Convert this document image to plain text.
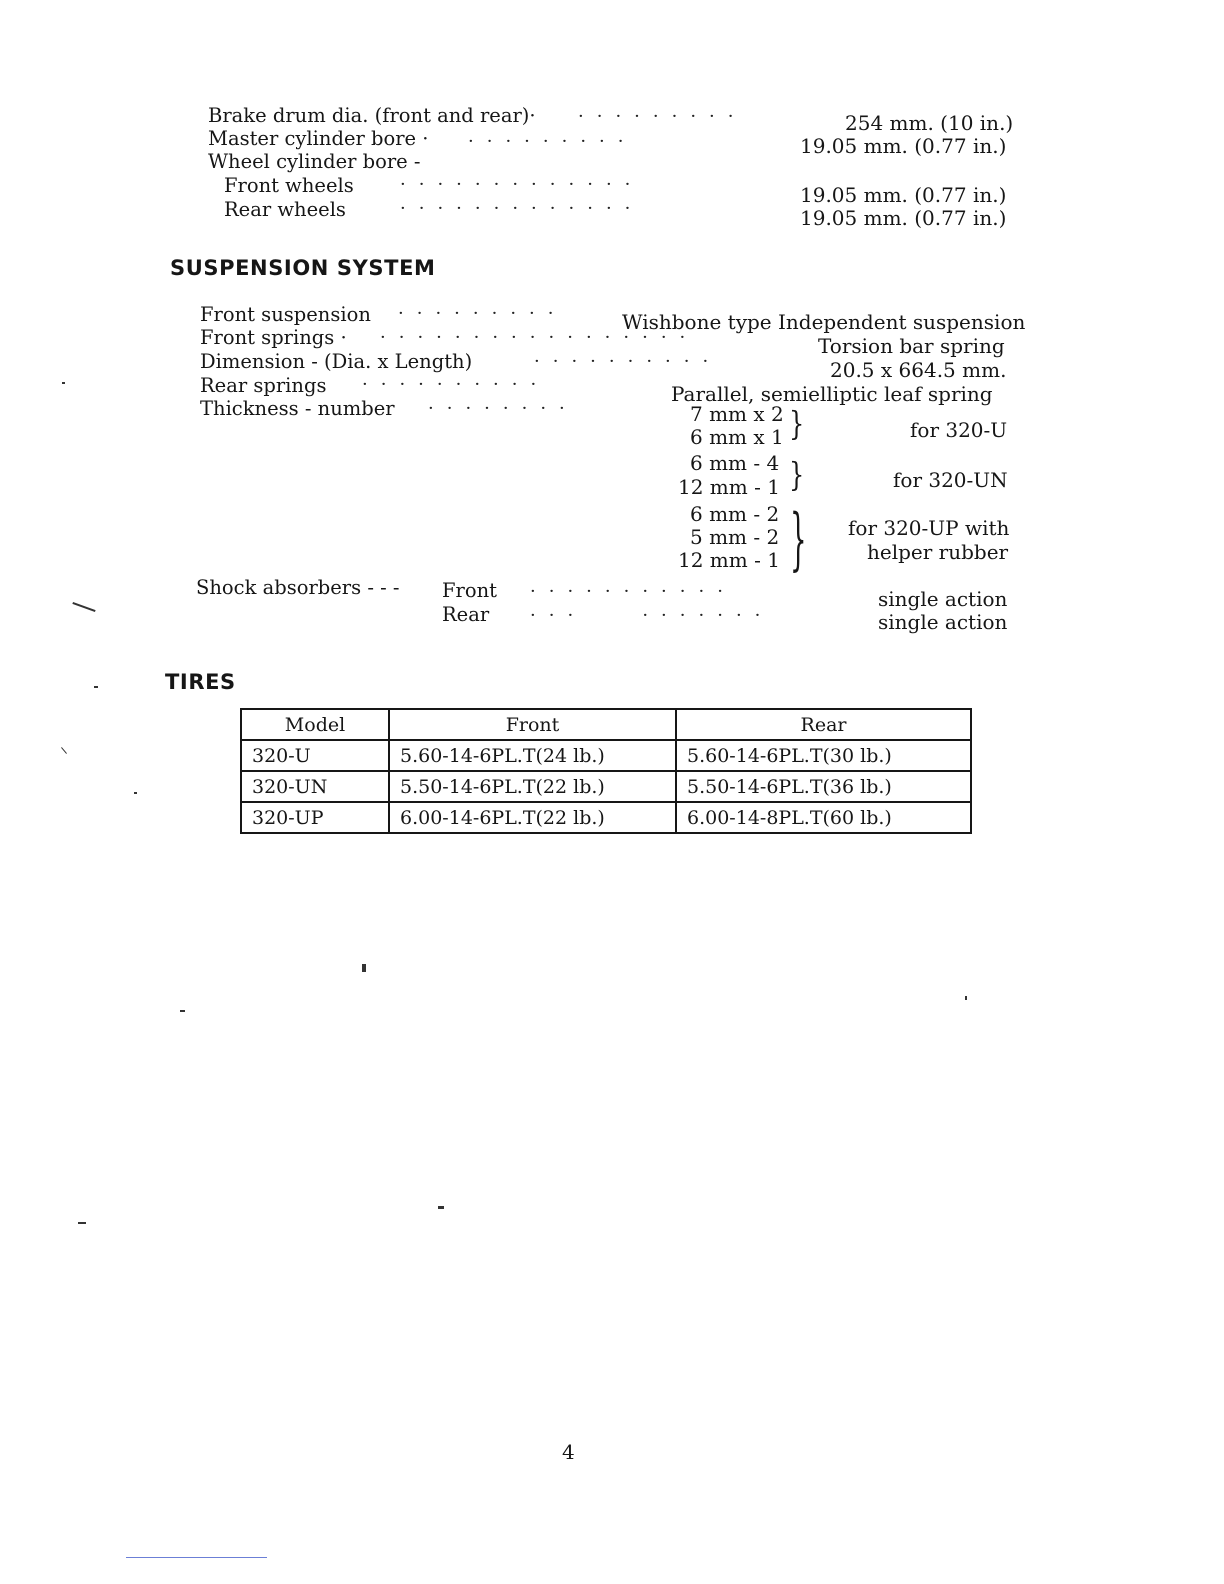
Brake drum dia. (front and rear)· ·········	254 mm. (10 in.)
Master cylinder bore · ·········	19.05 mm. (0.77 in.)
Wheel cylinder bore -
Front wheels	·············	19.05 mm. (0.77 in.)
Rear wheels	·············	19.05 mm. (0.77 in.)
SUSPENSION SYSTEM
Front suspension ·········	Wishbone type Independent suspension
Front springs · ·················	Torsion bar spring
Dimension - (Dia. x Length)	··········	20.5 x 664.5 mm.
Rear springs ··········	Parallel, semielliptic leaf spring
Thickness - number ········	7 mm x 2
6 mm x 1 }	for 320-U
6 mm - 4
12 mm - 1 }	for 320-UN
6 mm - 2
5 mm - 2
12 mm - 1 } for 320-UP with
helper rubber
Shock absorbers - - - Front ···········	single action
Rear ···   ·······	single action
TIRES
Model	Front	Rear
320-U	5.60-14-6PL.T(24 lb.)	5.60-14-6PL.T(30 lb.)
320-UN	5.50-14-6PL.T(22 lb.)	5.50-14-6PL.T(36 lb.)
320-UP	6.00-14-6PL.T(22 lb.)	6.00-14-8PL.T(60 lb.)
4
